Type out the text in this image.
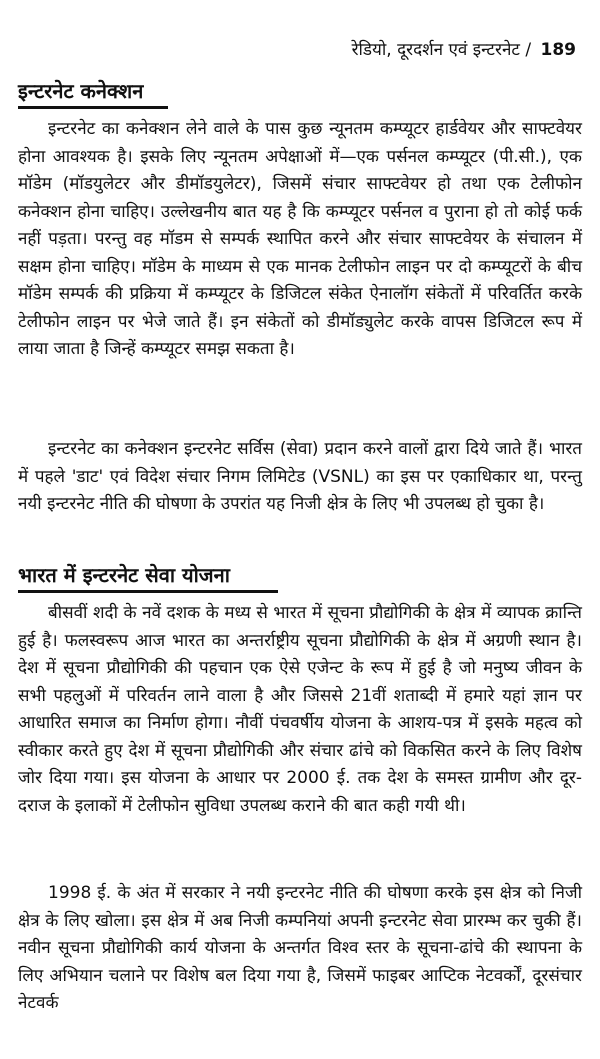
रेडियो, दूरदर्शन एवं इन्टरनेट / 189
इन्टरनेट कनेक्शन

इन्टरनेट का कनेक्शन लेने वाले के पास कुछ न्यूनतम कम्प्यूटर हार्डवेयर और साफ्टवेयर होना आवश्यक है। इसके लिए न्यूनतम अपेक्षाओं में—एक पर्सनल कम्प्यूटर (पी.सी.), एक मॉडेम (मॉडयुलेटर और डीमॉडयुलेटर), जिसमें संचार साफ्टवेयर हो तथा एक टेलीफोन कनेक्शन होना चाहिए। उल्लेखनीय बात यह है कि कम्प्यूटर पर्सनल व पुराना हो तो कोई फर्क नहीं पड़ता। परन्तु वह मॉडम से सम्पर्क स्थापित करने और संचार साफ्टवेयर के संचालन में सक्षम होना चाहिए। मॉडेम के माध्यम से एक मानक टेलीफोन लाइन पर दो कम्प्यूटरों के बीच मॉडेम सम्पर्क की प्रक्रिया में कम्प्यूटर के डिजिटल संकेत ऐनालॉग संकेतों में परिवर्तित करके टेलीफोन लाइन पर भेजे जाते हैं। इन संकेतों को डीमॉड्युलेट करके वापस डिजिटल रूप में लाया जाता है जिन्हें कम्प्यूटर समझ सकता है।

इन्टरनेट का कनेक्शन इन्टरनेट सर्विस (सेवा) प्रदान करने वालों द्वारा दिये जाते हैं। भारत में पहले 'डाट' एवं विदेश संचार निगम लिमिटेड (VSNL) का इस पर एकाधिकार था, परन्तु नयी इन्टरनेट नीति की घोषणा के उपरांत यह निजी क्षेत्र के लिए भी उपलब्ध हो चुका है।

भारत में इन्टरनेट सेवा योजना

बीसवीं शदी के नवें दशक के मध्य से भारत में सूचना प्रौद्योगिकी के क्षेत्र में व्यापक क्रान्ति हुई है। फलस्वरूप आज भारत का अन्तर्राष्ट्रीय सूचना प्रौद्योगिकी के क्षेत्र में अग्रणी स्थान है। देश में सूचना प्रौद्योगिकी की पहचान एक ऐसे एजेन्ट के रूप में हुई है जो मनुष्य जीवन के सभी पहलुओं में परिवर्तन लाने वाला है और जिससे 21वीं शताब्दी में हमारे यहां ज्ञान पर आधारित समाज का निर्माण होगा। नौवीं पंचवर्षीय योजना के आशय-पत्र में इसके महत्व को स्वीकार करते हुए देश में सूचना प्रौद्योगिकी और संचार ढांचे को विकसित करने के लिए विशेष जोर दिया गया। इस योजना के आधार पर 2000 ई. तक देश के समस्त ग्रामीण और दूर-दराज के इलाकों में टेलीफोन सुविधा उपलब्ध कराने की बात कही गयी थी।

1998 ई. के अंत में सरकार ने नयी इन्टरनेट नीति की घोषणा करके इस क्षेत्र को निजी क्षेत्र के लिए खोला। इस क्षेत्र में अब निजी कम्पनियां अपनी इन्टरनेट सेवा प्रारम्भ कर चुकी हैं। नवीन सूचना प्रौद्योगिकी कार्य योजना के अन्तर्गत विश्व स्तर के सूचना-ढांचे की स्थापना के लिए अभियान चलाने पर विशेष बल दिया गया है, जिसमें फाइबर आप्टिक नेटवर्कों, दूरसंचार नेटवर्क
